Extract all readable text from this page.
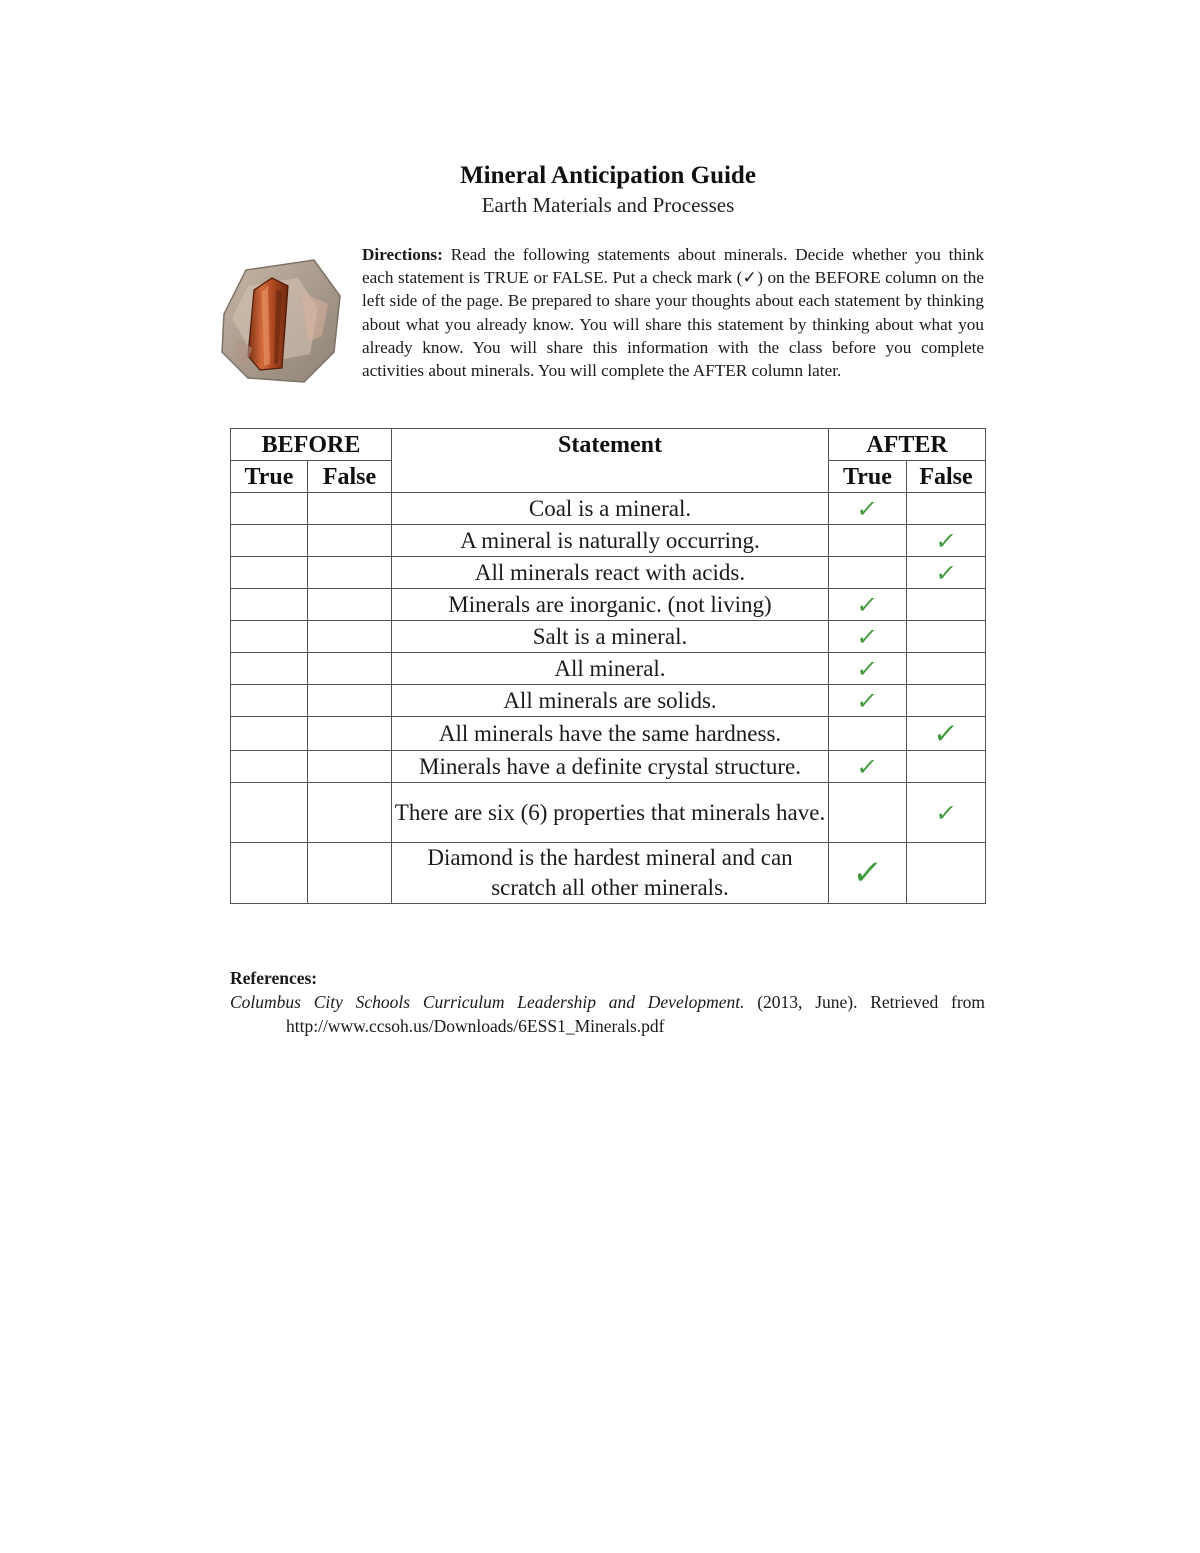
Mineral Anticipation Guide
Earth Materials and Processes
Directions: Read the following statements about minerals. Decide whether you think each statement is TRUE or FALSE. Put a check mark (✓) on the BEFORE column on the left side of the page. Be prepared to share your thoughts about each statement by thinking about what you already know. You will share this statement by thinking about what you already know. You will share this information with the class before you complete activities about minerals. You will complete the AFTER column later.
BEFORE		Statement	AFTER	
True	False		True	False
		Coal is a mineral.	✓	
		A mineral is naturally occurring.		✓
		All minerals react with acids.		✓
		Minerals are inorganic. (not living)	✓	
		Salt is a mineral.	✓	
		All mineral.	✓	
		All minerals are solids.	✓	
		All minerals have the same hardness.		✓
		Minerals have a definite crystal structure.	✓	
		There are six (6) properties that minerals have.		✓
		Diamond is the hardest mineral and can scratch all other minerals.	✓	
References:
Columbus City Schools Curriculum Leadership and Development. (2013, June). Retrieved from
http://www.ccsoh.us/Downloads/6ESS1_Minerals.pdf
